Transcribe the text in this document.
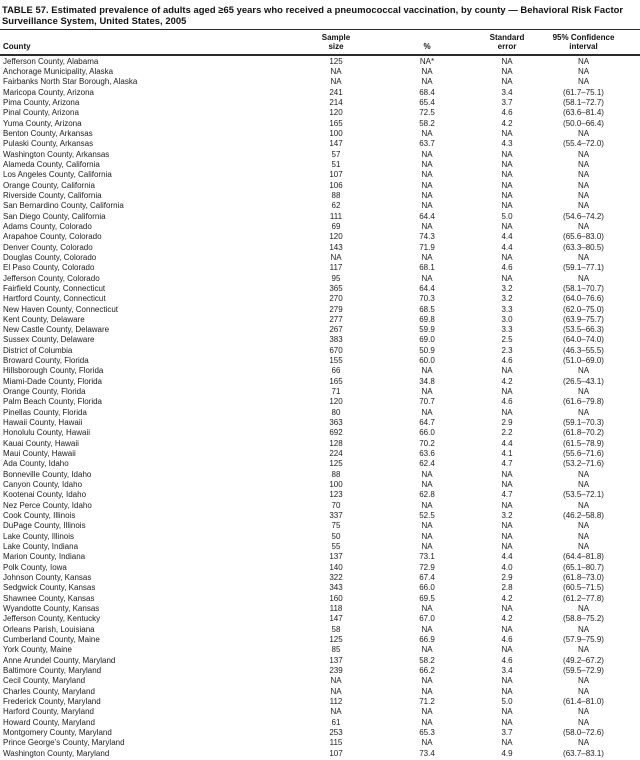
TABLE 57. Estimated prevalence of adults aged ≥65 years who received a pneumococcal vaccination, by county — Behavioral Risk Factor Surveillance System, United States, 2005
County

Sample
size	%

Standard
error

95% Confidence
interval

Jefferson County, Alabama	125	NA*	NA	NA
Anchorage Municipality, Alaska	NA	NA	NA	NA
Fairbanks North Star Borough, Alaska	NA	NA	NA	NA
Maricopa County, Arizona	241	68.4	3.4	(61.7–75.1)
Pima County, Arizona	214	65.4	3.7	(58.1–72.7)
Pinal County, Arizona	120	72.5	4.6	(63.6–81.4)
Yuma County, Arizona	165	58.2	4.2	(50.0–66.4)
Benton County, Arkansas	100	NA	NA	NA
Pulaski County, Arkansas	147	63.7	4.3	(55.4–72.0)
Washington County, Arkansas	57	NA	NA	NA
Alameda County, California	51	NA	NA	NA
Los Angeles County, California	107	NA	NA	NA
Orange County, California	106	NA	NA	NA
Riverside County, California	88	NA	NA	NA
San Bernardino County, California	62	NA	NA	NA
San Diego County, California	111	64.4	5.0	(54.6–74.2)
Adams County, Colorado	69	NA	NA	NA
Arapahoe County, Colorado	120	74.3	4.4	(65.6–83.0)
Denver County, Colorado	143	71.9	4.4	(63.3–80.5)
Douglas County, Colorado	NA	NA	NA	NA
El Paso County, Colorado	117	68.1	4.6	(59.1–77.1)
Jefferson County, Colorado	95	NA	NA	NA
Fairfield County, Connecticut	365	64.4	3.2	(58.1–70.7)
Hartford County, Connecticut	270	70.3	3.2	(64.0–76.6)
New Haven County, Connecticut	279	68.5	3.3	(62.0–75.0)
Kent County, Delaware	277	69.8	3.0	(63.9–75.7)
New Castle County, Delaware	267	59.9	3.3	(53.5–66.3)
Sussex County, Delaware	383	69.0	2.5	(64.0–74.0)
District of Columbia	670	50.9	2.3	(46.3–55.5)
Broward County, Florida	155	60.0	4.6	(51.0–69.0)
Hillsborough County, Florida	66	NA	NA	NA
Miami-Dade County, Florida	165	34.8	4.2	(26.5–43.1)
Orange County, Florida	71	NA	NA	NA
Palm Beach County, Florida	120	70.7	4.6	(61.6–79.8)
Pinellas County, Florida	80	NA	NA	NA
Hawaii County, Hawaii	363	64.7	2.9	(59.1–70.3)
Honolulu County, Hawaii	692	66.0	2.2	(61.8–70.2)
Kauai County, Hawaii	128	70.2	4.4	(61.5–78.9)
Maui County, Hawaii	224	63.6	4.1	(55.6–71.6)
Ada County, Idaho	125	62.4	4.7	(53.2–71.6)
Bonneville County, Idaho	88	NA	NA	NA
Canyon County, Idaho	100	NA	NA	NA
Kootenai County, Idaho	123	62.8	4.7	(53.5–72.1)
Nez Perce County, Idaho	70	NA	NA	NA
Cook County, Illinois	337	52.5	3.2	(46.2–58.8)
DuPage County, Illinois	75	NA	NA	NA
Lake County, Illinois	50	NA	NA	NA
Lake County, Indiana	55	NA	NA	NA
Marion County, Indiana	137	73.1	4.4	(64.4–81.8)
Polk County, Iowa	140	72.9	4.0	(65.1–80.7)
Johnson County, Kansas	322	67.4	2.9	(61.8–73.0)
Sedgwick County, Kansas	343	66.0	2.8	(60.5–71.5)
Shawnee County, Kansas	160	69.5	4.2	(61.2–77.8)
Wyandotte County, Kansas	118	NA	NA	NA
Jefferson County, Kentucky	147	67.0	4.2	(58.8–75.2)
Orleans Parish, Louisiana	58	NA	NA	NA
Cumberland County, Maine	125	66.9	4.6	(57.9–75.9)
York County, Maine	85	NA	NA	NA
Anne Arundel County, Maryland	137	58.2	4.6	(49.2–67.2)
Baltimore County, Maryland	239	66.2	3.4	(59.5–72.9)
Cecil County, Maryland	NA	NA	NA	NA
Charles County, Maryland	NA	NA	NA	NA
Frederick County, Maryland	112	71.2	5.0	(61.4–81.0)
Harford County, Maryland	NA	NA	NA	NA
Howard County, Maryland	61	NA	NA	NA
Montgomery County, Maryland	253	65.3	3.7	(58.0–72.6)
Prince George’s County, Maryland	115	NA	NA	NA
Washington County, Maryland	107	73.4	4.9	(63.7–83.1)
